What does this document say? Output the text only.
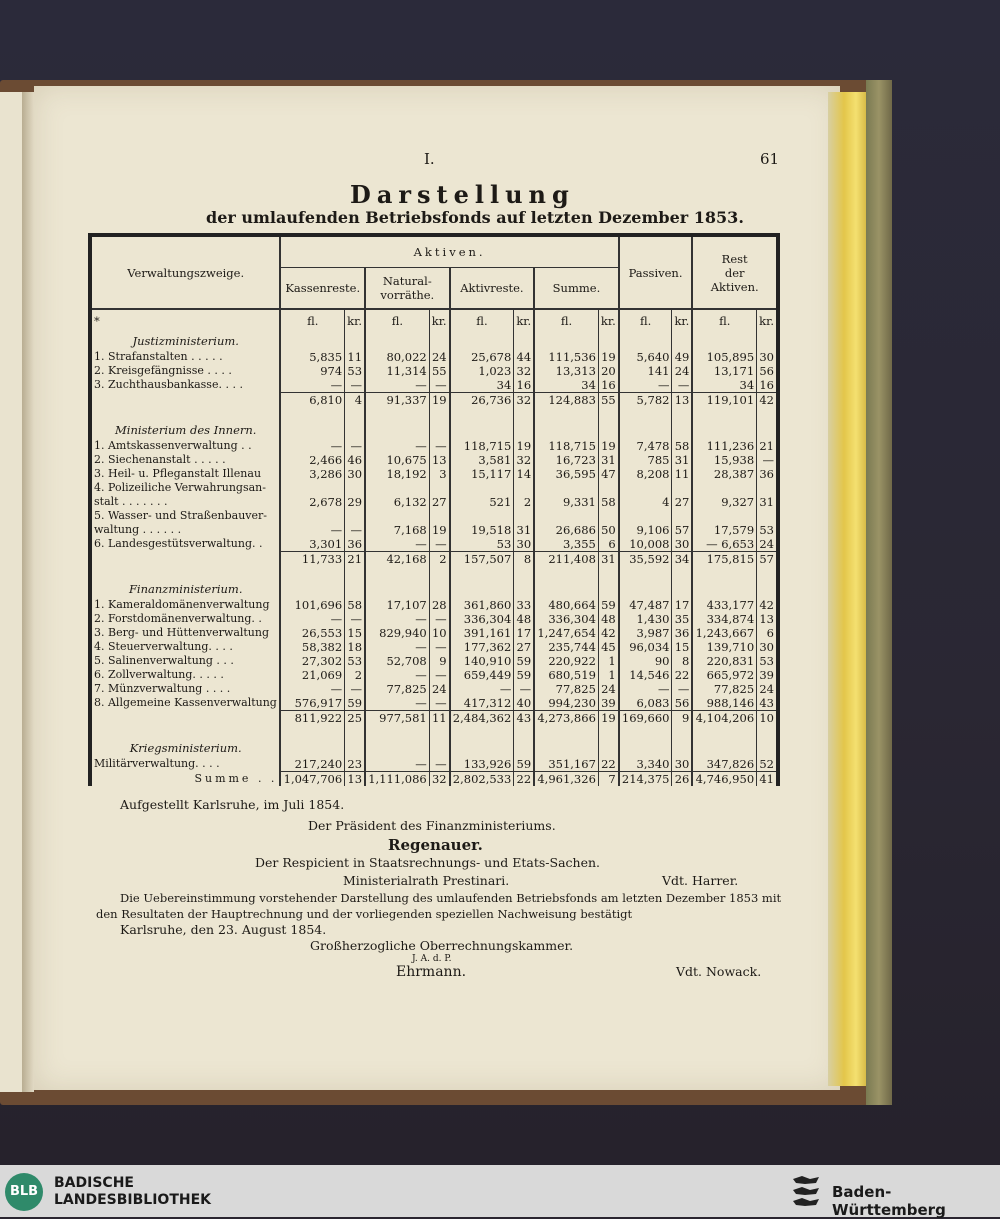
I.	61
Darstellung
der umlaufenden Betriebsfonds auf letzten Dezember 1853.
Verwaltungszweige.	Aktiven.								Passiven.		Rest
der
Aktiven.	
	Kassenreste.		Natural-
vorräthe.		Aktivreste.		Summe.					
*	fl.	kr.	fl.	kr.	fl.	kr.	fl.	kr.	fl.	kr.	fl.	kr.
Justizministerium.												
1. Strafanstalten . . . . .	5,835	11	80,022	24	25,678	44	111,536	19	5,640	49	105,895	30
2. Kreisgefängnisse . . . .	974	53	11,314	55	1,023	32	13,313	20	141	24	13,171	56
3. Zuchthausbankasse. . . .	—	—	—	—	34	16	34	16	—	—	34	16
	6,810	4	91,337	19	26,736	32	124,883	55	5,782	13	119,101	42

Ministerium des Innern.												
1. Amtskassenverwaltung . .	—	—	—	—	118,715	19	118,715	19	7,478	58	111,236	21
2. Siechenanstalt . . . . .	2,466	46	10,675	13	3,581	32	16,723	31	785	31	15,938	—
3. Heil- u. Pfleganstalt Illenau	3,286	30	18,192	3	15,117	14	36,595	47	8,208	11	28,387	36
4. Polizeiliche Verwahrungsan-												
stalt . . . . . . .	2,678	29	6,132	27	521	2	9,331	58	4	27	9,327	31
5. Wasser- und Straßenbauver-												
waltung . . . . . .	—	—	7,168	19	19,518	31	26,686	50	9,106	57	17,579	53
6. Landesgestütsverwaltung. .	3,301	36	—	—	53	30	3,355	6	10,008	30	— 6,653	24
	11,733	21	42,168	2	157,507	8	211,408	31	35,592	34	175,815	57

Finanzministerium.												
1. Kameraldomänenverwaltung	101,696	58	17,107	28	361,860	33	480,664	59	47,487	17	433,177	42
2. Forstdomänenverwaltung. .	—	—	—	—	336,304	48	336,304	48	1,430	35	334,874	13
3. Berg- und Hüttenverwaltung	26,553	15	829,940	10	391,161	17	1,247,654	42	3,987	36	1,243,667	6
4. Steuerverwaltung. . . .	58,382	18	—	—	177,362	27	235,744	45	96,034	15	139,710	30
5. Salinenverwaltung . . .	27,302	53	52,708	9	140,910	59	220,922	1	90	8	220,831	53
6. Zollverwaltung. . . . .	21,069	2	—	—	659,449	59	680,519	1	14,546	22	665,972	39
7. Münzverwaltung . . . .	—	—	77,825	24	—	—	77,825	24	—	—	77,825	24
8. Allgemeine Kassenverwaltung	576,917	59	—	—	417,312	40	994,230	39	6,083	56	988,146	43
	811,922	25	977,581	11	2,484,362	43	4,273,866	19	169,660	9	4,104,206	10

Kriegsministerium.												
Militärverwaltung. . . .	217,240	23	—	—	133,926	59	351,167	22	3,340	30	347,826	52
Summe . .	1,047,706	13	1,111,086	32	2,802,533	22	4,961,326	7	214,375	26	4,746,950	41
Aufgestellt Karlsruhe, im Juli 1854.
Der Präsident des Finanzministeriums.
Regenauer.
Der Respicient in Staatsrechnungs- und Etats-Sachen.
Ministerialrath Prestinari.	Vdt. Harrer.
Die Uebereinstimmung vorstehender Darstellung des umlaufenden Betriebsfonds am letzten Dezember 1853 mit
den Resultaten der Hauptrechnung und der vorliegenden speziellen Nachweisung bestätigt
Karlsruhe, den 23. August 1854.
Großherzogliche Oberrechnungskammer.
J. A. d. P.
Ehrmann.	Vdt. Nowack.
BLB
BADISCHE
LANDESBIBLIOTHEK	Baden-Württemberg
